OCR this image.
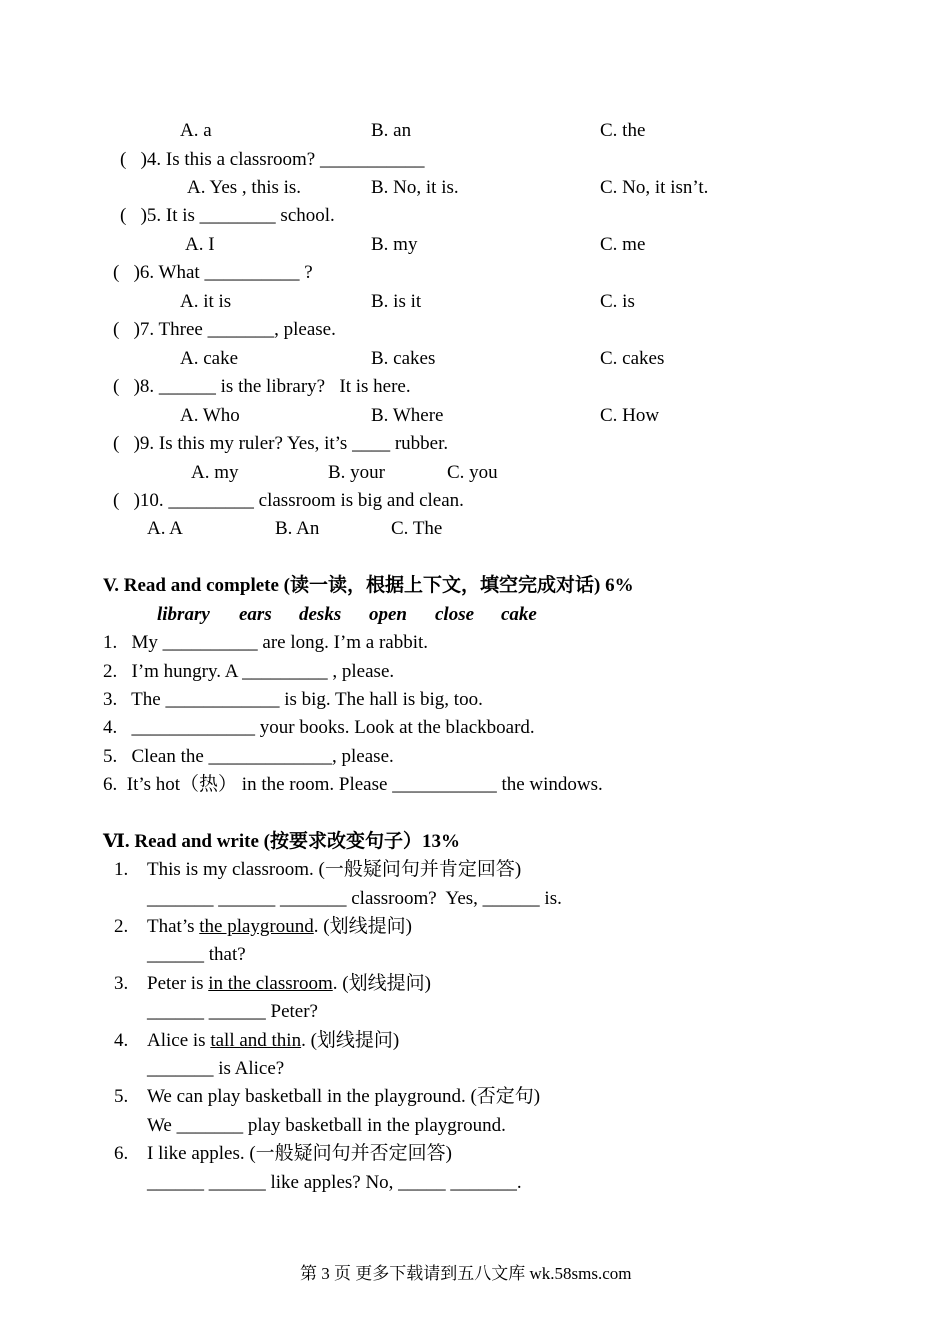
A. a	B. an	C. the
(   )4. Is this a classroom? ___________
A. Yes , this is.	B. No, it is.	C. No, it isn’t.
(   )5. It is ________ school.
A. I	B. my	C. me
(   )6. What __________ ?
A. it is	B. is it	C. is
(   )7. Three _______, please.
A. cake	B. cakes	C. cakes
(   )8. ______ is the library?   It is here.
A. Who	B. Where	C. How
(   )9. Is this my ruler? Yes, it’s ____ rubber.
A. my	B. your	C. you
(   )10. _________ classroom is big and clean.
A. A	B. An	C. The
V. Read and complete (读一读，根据上下文，填空完成对话) 6%
library ears desks open close cake
1.   My __________ are long. I’m a rabbit.
2.   I’m hungry. A _________ , please.
3.   The ____________ is big. The hall is big, too.
4.   _____________ your books. Look at the blackboard.
5.   Clean the _____________, please.
6.  It’s hot（热） in the room. Please ___________ the windows.
Ⅵ. Read and write (按要求改变句子）13%
1. This is my classroom. (一般疑问句并肯定回答)
_______ ______ _______ classroom?  Yes, ______ is.
2. That’s the playground. (划线提问)
______ that?
3. Peter is in the classroom. (划线提问)
______ ______ Peter?
4. Alice is tall and thin. (划线提问)
_______ is Alice?
5. We can play basketball in the playground. (否定句)
We _______ play basketball in the playground.
6. I like apples. (一般疑问句并否定回答)
______ ______ like apples? No, _____ _______.
第 3 页 更多下载请到五八文库 wk.58sms.com
